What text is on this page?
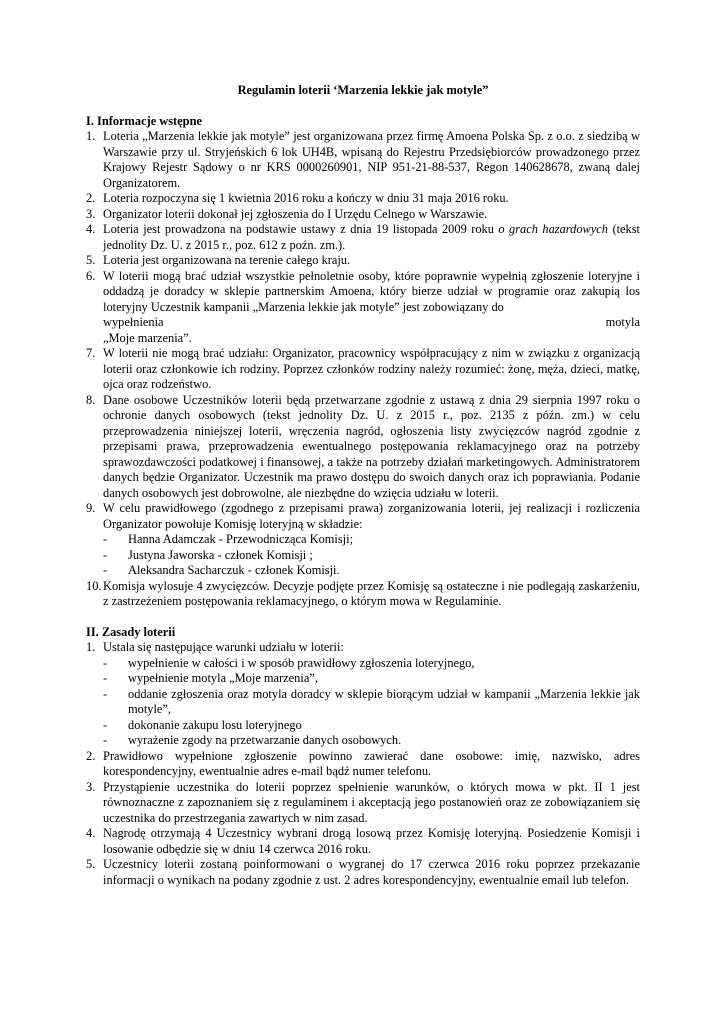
Regulamin loterii ‘Marzenia lekkie jak motyle”

I. Informacje wstępne

1. Loteria „Marzenia lekkie jak motyle” jest organizowana przez firmę Amoena Polska Sp. z o.o. z siedzibą w Warszawie przy ul. Stryjeńskich 6 lok UH4B, wpisaną do Rejestru Przedsiębiorców prowadzonego przez Krajowy Rejestr Sądowy o nr KRS 0000260901, NIP 951-21-88-537, Regon 140628678, zwaną dalej Organizatorem.
2. Loteria rozpoczyna się 1 kwietnia 2016 roku a kończy w dniu 31 maja 2016 roku.
3. Organizator loterii dokonał jej zgłoszenia do I Urzędu Celnego w Warszawie.
4. Loteria jest prowadzona na podstawie ustawy z dnia 19 listopada 2009 roku o grach hazardowych (tekst jednolity Dz. U. z 2015 r., poz. 612 z poźn. zm.).
5. Loteria jest organizowana na terenie całego kraju.
6. W loterii mogą brać udział wszystkie pełnoletnie osoby, które poprawnie wypełnią zgłoszenie loteryjne i oddadzą je doradcy w sklepie partnerskim Amoena, który bierze udział w programie oraz zakupią los loteryjny Uczestnik kampanii „Marzenia lekkie jak motyle” jest zobowiązany do
wypełnienia	motyla
„Moje marzenia”.
7. W loterii nie mogą brać udziału: Organizator, pracownicy współpracujący z nim w związku z organizacją loterii oraz członkowie ich rodziny. Poprzez członków rodziny należy rozumieć: żonę, męża, dzieci, matkę, ojca oraz rodzeństwo.
8. Dane osobowe Uczestników loterii będą przetwarzane zgodnie z ustawą z dnia 29 sierpnia 1997 roku o ochronie danych osobowych (tekst jednolity Dz. U. z 2015 r., poz. 2135 z późn. zm.) w celu przeprowadzenia niniejszej loterii, wręczenia nagród, ogłoszenia listy zwycięzców nagród zgodnie z przepisami prawa, przeprowadzenia ewentualnego postępowania reklamacyjnego oraz na potrzeby sprawozdawczości podatkowej i finansowej, a także na potrzeby działań marketingowych. Administratorem danych będzie Organizator. Uczestnik ma prawo dostępu do swoich danych oraz ich poprawiania. Podanie danych osobowych jest dobrowolne, ale niezbędne do wzięcia udziału w loterii.
9. W celu prawidłowego (zgodnego z przepisami prawa) zorganizowania loterii, jej realizacji i rozliczenia Organizator powołuje Komisję loteryjną w składzie:
- Hanna Adamczak - Przewodnicząca Komisji;
- Justyna Jaworska - członek Komisji ;
- Aleksandra Sacharczuk - członek Komisji.
10. Komisja wylosuje 4 zwycięzców. Decyzje podjęte przez Komisję są ostateczne i nie podlegają zaskarżeniu, z zastrzeżeniem postępowania reklamacyjnego, o którym mowa w Regulaminie.

II. Zasady loterii

1. Ustala się następujące warunki udziału w loterii:
- wypełnienie w całości i w sposób prawidłowy zgłoszenia loteryjnego,
- wypełnienie motyla „Moje marzenia”,
- oddanie zgłoszenia oraz motyla doradcy w sklepie biorącym udział w kampanii „Marzenia lekkie jak motyle”,
- dokonanie zakupu losu loteryjnego
- wyrażenie zgody na przetwarzanie danych osobowych.
2. Prawidłowo wypełnione zgłoszenie powinno zawierać dane osobowe: imię, nazwisko, adres korespondencyjny, ewentualnie adres e-mail bądź numer telefonu.
3. Przystąpienie uczestnika do loterii poprzez spełnienie warunków, o których mowa w pkt. II 1 jest równoznaczne z zapoznaniem się z regulaminem i akceptacją jego postanowień oraz ze zobowiązaniem się uczestnika do przestrzegania zawartych w nim zasad.
4. Nagrodę otrzymają 4 Uczestnicy wybrani drogą losową przez Komisję loteryjną. Posiedzenie Komisji i losowanie odbędzie się w dniu 14 czerwca 2016 roku.
5. Uczestnicy loterii zostaną poinformowani o wygranej do 17 czerwca 2016 roku poprzez przekazanie informacji o wynikach na podany zgodnie z ust. 2 adres korespondencyjny, ewentualnie email lub telefon.
